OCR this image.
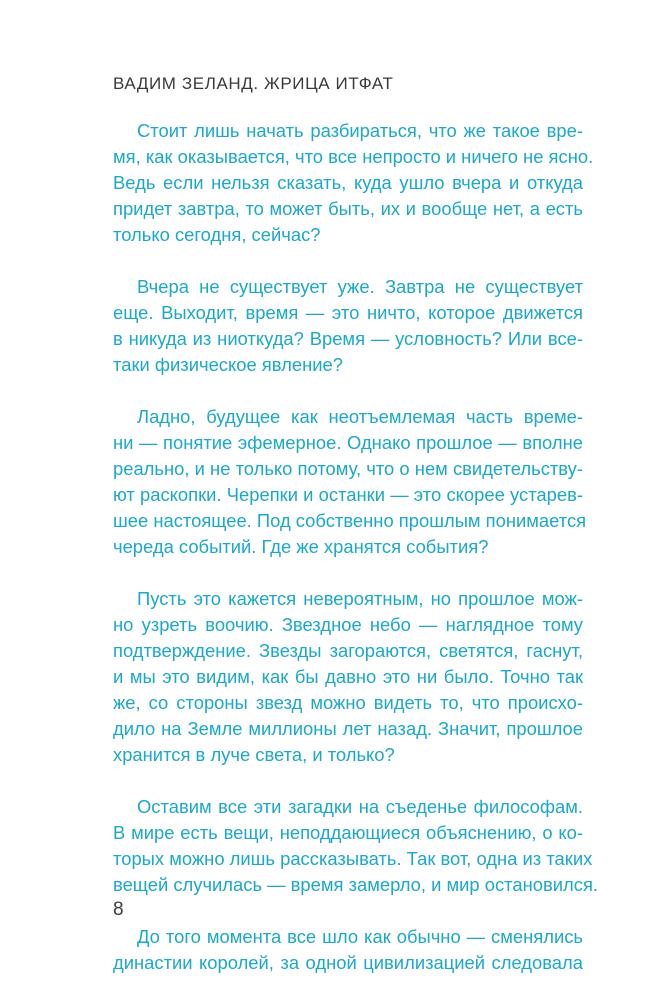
ВАДИМ ЗЕЛАНД. ЖРИЦА ИТФАТ

Стоит лишь начать разбираться, что же такое вре-
мя, как оказывается, что все непросто и ничего не ясно.
Ведь если нельзя сказать, куда ушло вчера и откуда
придет завтра, то может быть, их и вообще нет, а есть
только сегодня, сейчас?

Вчера не существует уже. Завтра не существует
еще. Выходит, время — это ничто, которое движется
в никуда из ниоткуда? Время — условность? Или все-
таки физическое явление?

Ладно, будущее как неотъемлемая часть време-
ни — понятие эфемерное. Однако прошлое — вполне
реально, и не только потому, что о нем свидетельству-
ют раскопки. Черепки и останки — это скорее устарев-
шее настоящее. Под собственно прошлым понимается
череда событий. Где же хранятся события?

Пусть это кажется невероятным, но прошлое мож-
но узреть воочию. Звездное небо — наглядное тому
подтверждение. Звезды загораются, светятся, гаснут,
и мы это видим, как бы давно это ни было. Точно так
же, со стороны звезд можно видеть то, что происхо-
дило на Земле миллионы лет назад. Значит, прошлое
хранится в луче света, и только?

Оставим все эти загадки на съеденье философам.
В мире есть вещи, неподдающиеся объяснению, о ко-
торых можно лишь рассказывать. Так вот, одна из таких
вещей случилась — время замерло, и мир остановился.

До того момента все шло как обычно — сменялись
династии королей, за одной цивилизацией следовала

8
